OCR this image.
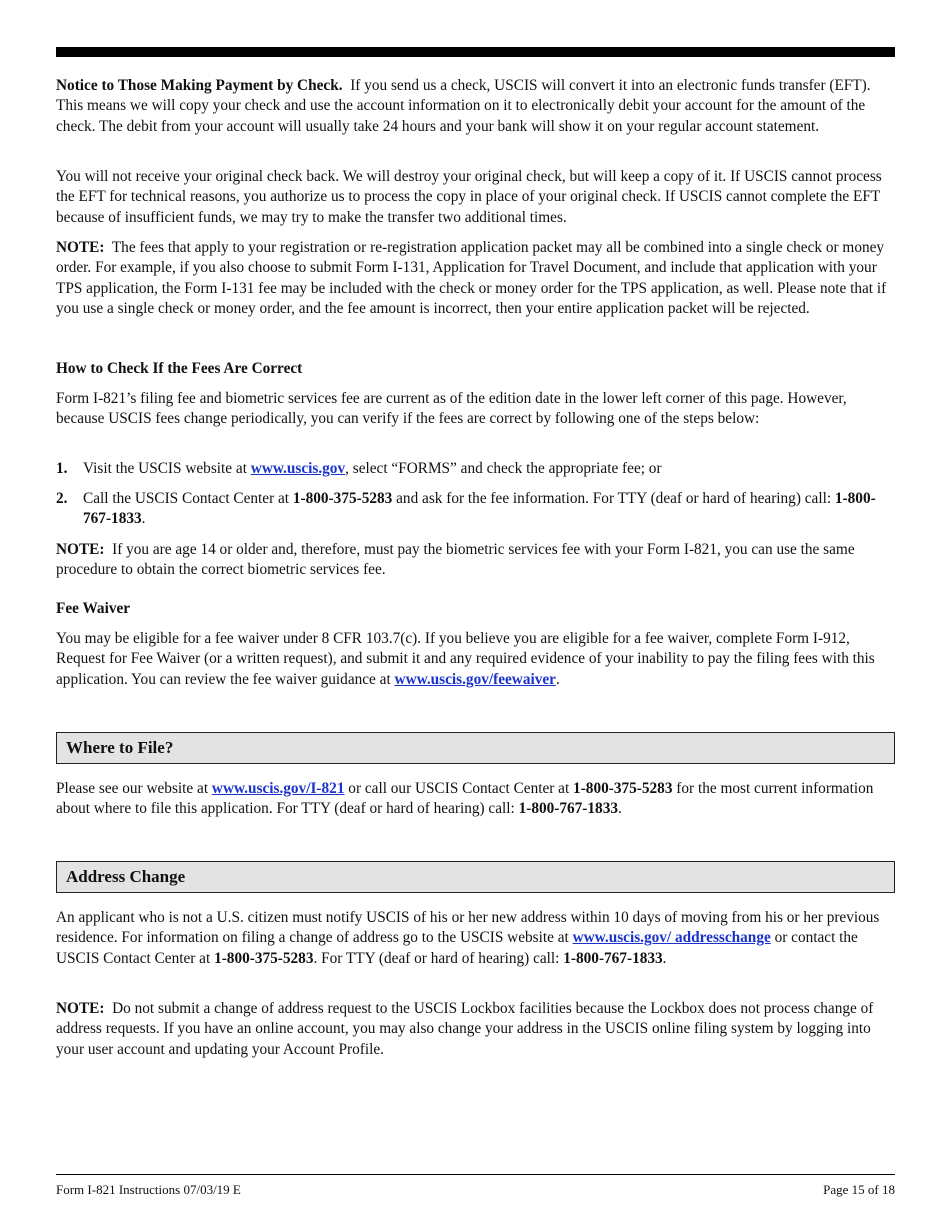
Notice to Those Making Payment by Check. If you send us a check, USCIS will convert it into an electronic funds transfer (EFT). This means we will copy your check and use the account information on it to electronically debit your account for the amount of the check. The debit from your account will usually take 24 hours and your bank will show it on your regular account statement.

You will not receive your original check back. We will destroy your original check, but will keep a copy of it. If USCIS cannot process the EFT for technical reasons, you authorize us to process the copy in place of your original check. If USCIS cannot complete the EFT because of insufficient funds, we may try to make the transfer two additional times.

NOTE: The fees that apply to your registration or re-registration application packet may all be combined into a single check or money order. For example, if you also choose to submit Form I-131, Application for Travel Document, and include that application with your TPS application, the Form I-131 fee may be included with the check or money order for the TPS application, as well. Please note that if you use a single check or money order, and the fee amount is incorrect, then your entire application packet will be rejected.

How to Check If the Fees Are Correct

Form I-821’s filing fee and biometric services fee are current as of the edition date in the lower left corner of this page. However, because USCIS fees change periodically, you can verify if the fees are correct by following one of the steps below:

1. Visit the USCIS website at www.uscis.gov, select “FORMS” and check the appropriate fee; or

2. Call the USCIS Contact Center at 1-800-375-5283 and ask for the fee information. For TTY (deaf or hard of hearing) call: 1-800-767-1833.

NOTE: If you are age 14 or older and, therefore, must pay the biometric services fee with your Form I-821, you can use the same procedure to obtain the correct biometric services fee.

Fee Waiver

You may be eligible for a fee waiver under 8 CFR 103.7(c). If you believe you are eligible for a fee waiver, complete Form I-912, Request for Fee Waiver (or a written request), and submit it and any required evidence of your inability to pay the filing fees with this application. You can review the fee waiver guidance at www.uscis.gov/feewaiver.

Where to File?

Please see our website at www.uscis.gov/I-821 or call our USCIS Contact Center at 1-800-375-5283 for the most current information about where to file this application. For TTY (deaf or hard of hearing) call: 1-800-767-1833.

Address Change

An applicant who is not a U.S. citizen must notify USCIS of his or her new address within 10 days of moving from his or her previous residence. For information on filing a change of address go to the USCIS website at www.uscis.gov/ addresschange or contact the USCIS Contact Center at 1-800-375-5283. For TTY (deaf or hard of hearing) call: 1-800-767-1833.

NOTE: Do not submit a change of address request to the USCIS Lockbox facilities because the Lockbox does not process change of address requests. If you have an online account, you may also change your address in the USCIS online filing system by logging into your user account and updating your Account Profile.

Form I-821 Instructions 07/03/19 E	Page 15 of 18
